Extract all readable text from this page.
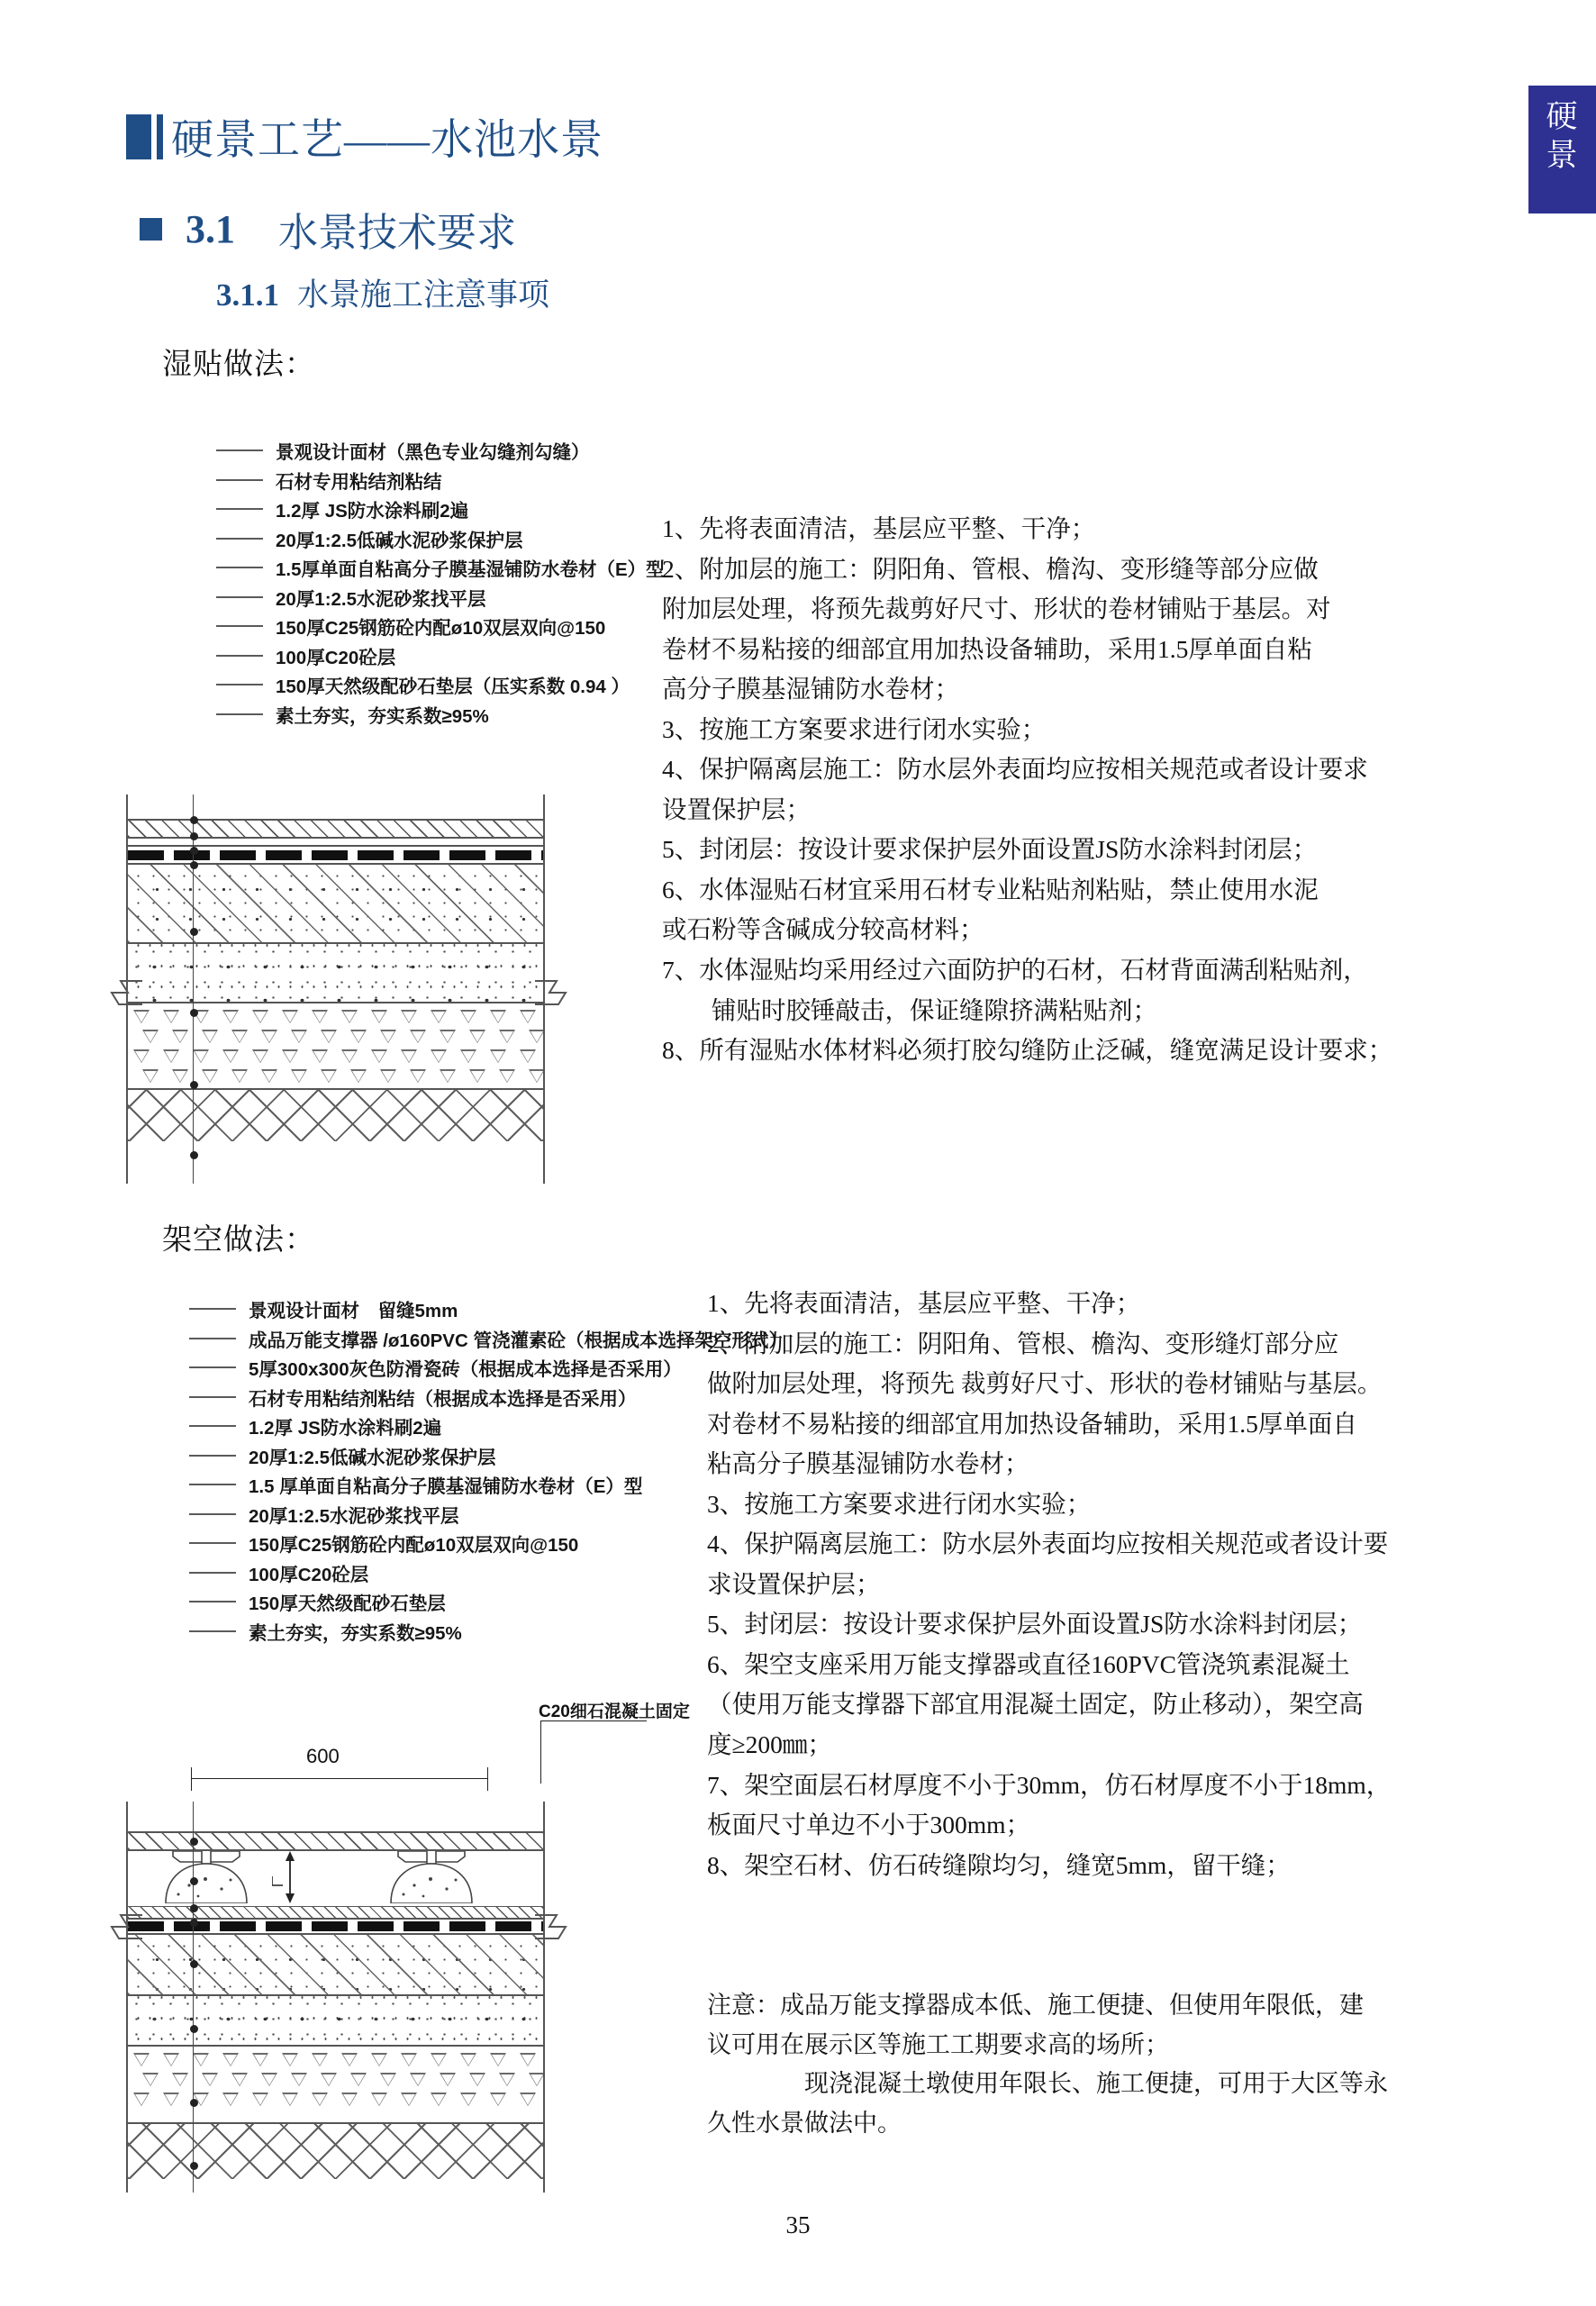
硬
景
硬景工艺——水池水景
3.1 水景技术要求
3.1.1 水景施工注意事项
湿贴做法：
景观设计面材（黑色专业勾缝剂勾缝）
石材专用粘结剂粘结
1.2厚 JS防水涂料刷2遍
20厚1:2.5低碱水泥砂浆保护层
1.5厚单面自粘高分子膜基湿铺防水卷材（E）型
20厚1:2.5水泥砂浆找平层
150厚C25钢筋砼内配ø10双层双向@150
100厚C20砼层
150厚天然级配砂石垫层（压实系数 0.94 ）
素土夯实，夯实系数≥95%

1、先将表面清洁，基层应平整、干净；

2、附加层的施工：阴阳角、管根、檐沟、变形缝等部分应做

附加层处理，将预先裁剪好尺寸、形状的卷材铺贴于基层。对

卷材不易粘接的细部宜用加热设备辅助，采用1.5厚单面自粘

高分子膜基湿铺防水卷材；

3、按施工方案要求进行闭水实验；

4、保护隔离层施工：防水层外表面均应按相关规范或者设计要求

设置保护层；

5、封闭层：按设计要求保护层外面设置JS防水涂料封闭层；

6、水体湿贴石材宜采用石材专业粘贴剂粘贴，禁止使用水泥

或石粉等含碱成分较高材料；

7、水体湿贴均采用经过六面防护的石材，石材背面满刮粘贴剂，

　　铺贴时胶锤敲击，保证缝隙挤满粘贴剂；

8、所有湿贴水体材料必须打胶勾缝防止泛碱，缝宽满足设计要求；

架空做法：
景观设计面材　留缝5mm
成品万能支撑器 /ø160PVC 管浇灌素砼（根据成本选择架空形式）
5厚300x300灰色防滑瓷砖（根据成本选择是否采用）
石材专用粘结剂粘结（根据成本选择是否采用）
1.2厚 JS防水涂料刷2遍
20厚1:2.5低碱水泥砂浆保护层
1.5 厚单面自粘高分子膜基湿铺防水卷材（E）型
20厚1:2.5水泥砂浆找平层
150厚C25钢筋砼内配ø10双层双向@150
100厚C20砼层
150厚天然级配砂石垫层
素土夯实，夯实系数≥95%
C20细石混凝土固定
600

1、先将表面清洁，基层应平整、干净；

2、附加层的施工：阴阳角、管根、檐沟、变形缝灯部分应

做附加层处理，将预先 裁剪好尺寸、形状的卷材铺贴与基层。

对卷材不易粘接的细部宜用加热设备辅助，采用1.5厚单面自

粘高分子膜基湿铺防水卷材；

3、按施工方案要求进行闭水实验；

4、保护隔离层施工：防水层外表面均应按相关规范或者设计要

求设置保护层；

5、封闭层：按设计要求保护层外面设置JS防水涂料封闭层；

6、架空支座采用万能支撑器或直径160PVC管浇筑素混凝土

（使用万能支撑器下部宜用混凝土固定，防止移动），架空高

度≥200㎜；

7、架空面层石材厚度不小于30mm，仿石材厚度不小于18mm，

板面尺寸单边不小于300mm；

8、架空石材、仿石砖缝隙均匀，缝宽5mm，留干缝；

注意：成品万能支撑器成本低、施工便捷、但使用年限低，建

议可用在展示区等施工工期要求高的场所；

　　　　现浇混凝土墩使用年限长、施工便捷，可用于大区等永

久性水景做法中。

35
